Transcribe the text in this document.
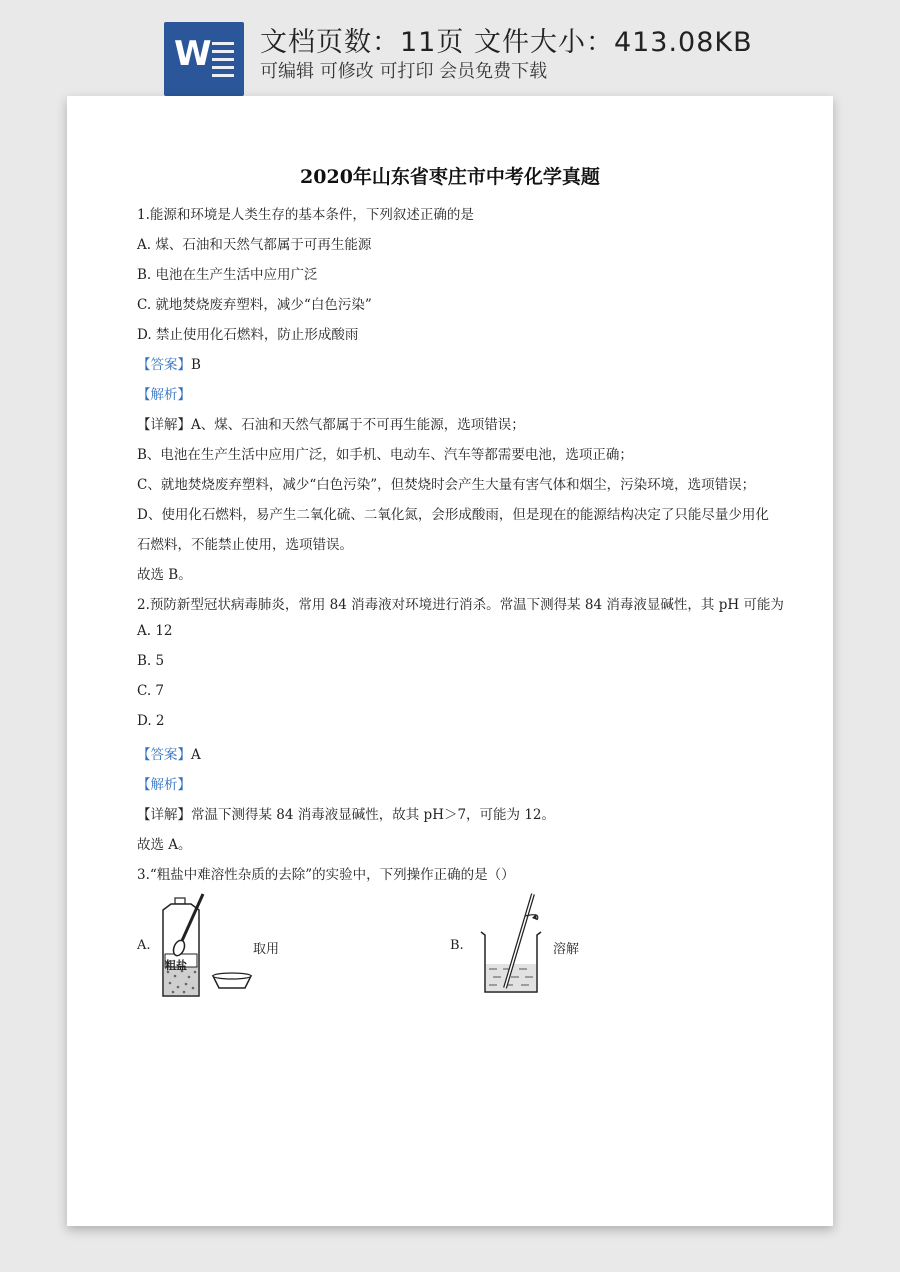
W 文档页数：11页 文件大小：413.08KB
可编辑 可修改 可打印 会员免费下载
2020年山东省枣庄市中考化学真题
1.能源和环境是人类生存的基本条件，下列叙述正确的是
A. 煤、石油和天然气都属于可再生能源
B. 电池在生产生活中应用广泛
C. 就地焚烧废弃塑料，减少“白色污染”
D. 禁止使用化石燃料，防止形成酸雨
【答案】B
【解析】
【详解】A、煤、石油和天然气都属于不可再生能源，选项错误；
B、电池在生产生活中应用广泛，如手机、电动车、汽车等都需要电池，选项正确；
C、就地焚烧废弃塑料，减少“白色污染”，但焚烧时会产生大量有害气体和烟尘，污染环境，选项错误；
D、使用化石燃料，易产生二氧化硫、二氧化氮，会形成酸雨，但是现在的能源结构决定了只能尽量少用化
石燃料，不能禁止使用，选项错误。
故选 B。
2.预防新型冠状病毒肺炎，常用 84 消毒液对环境进行消杀。常温下测得某 84 消毒液显碱性，其 pH 可能为
A. 12
B. 5
C. 7
D. 2
【答案】A
【解析】
【详解】常温下测得某 84 消毒液显碱性，故其 pH＞7，可能为 12。
故选 A。
3.“粗盐中难溶性杂质的去除”的实验中，下列操作正确的是（）
A.
粗盐
取用	B.	溶解
